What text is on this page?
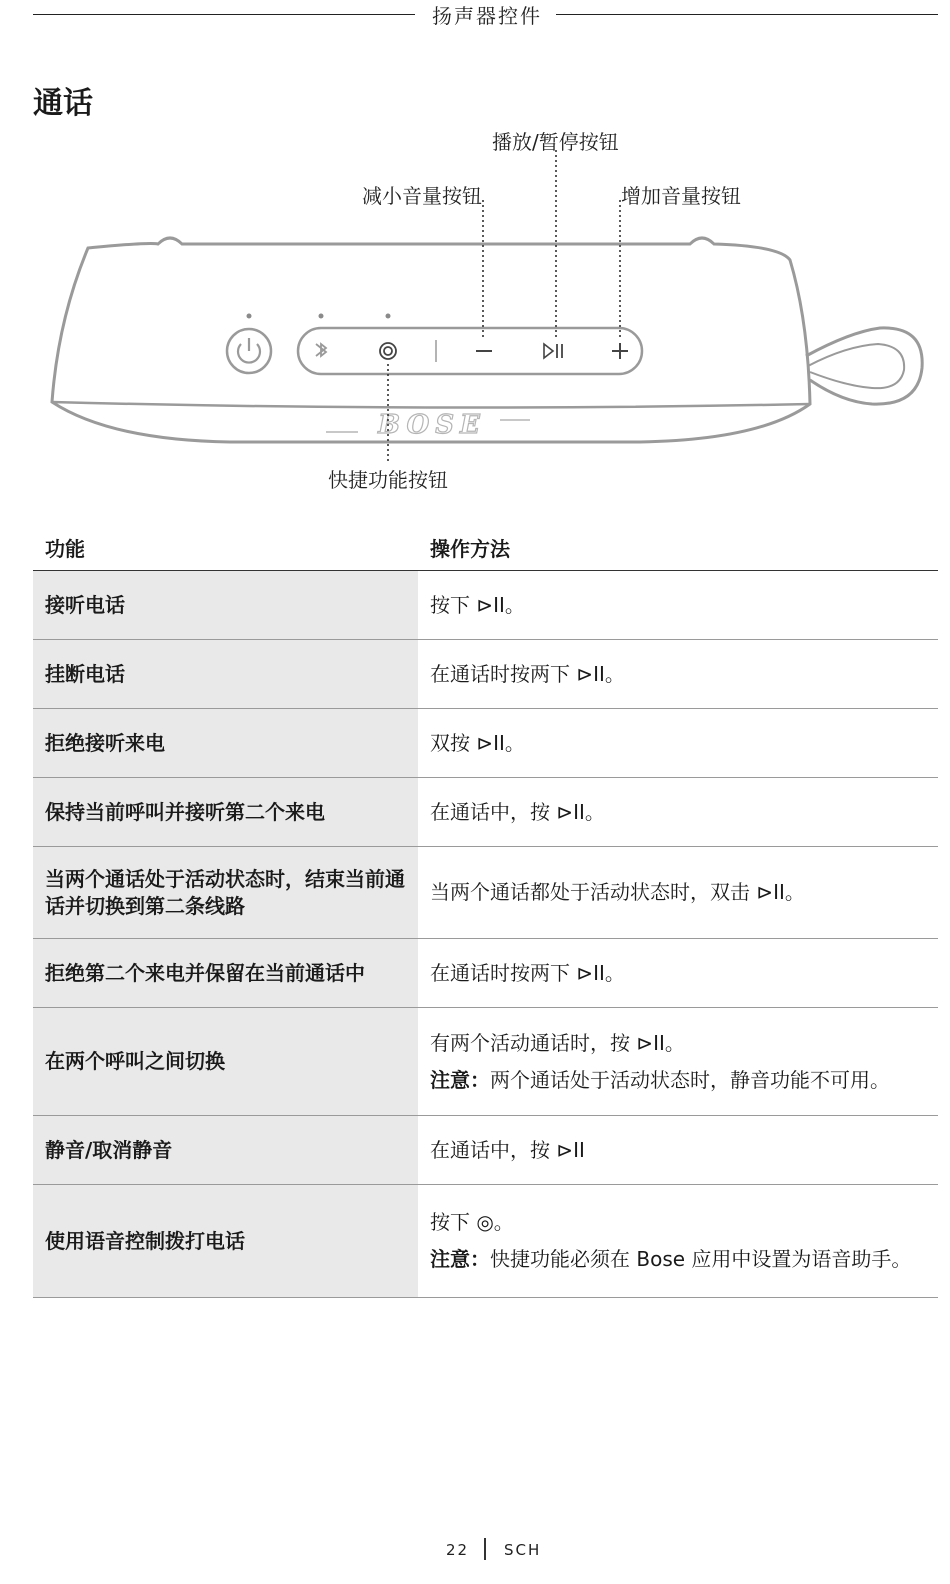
扬声器控件
通话
BOSE
播放/暂停按钮
减小音量按钮	增加音量按钮
快捷功能按钮
功能	操作方法
接听电话	按下 ⊳II。
挂断电话	在通话时按两下 ⊳II。
拒绝接听来电	双按 ⊳II。
保持当前呼叫并接听第二个来电	在通话中，按 ⊳II。
当两个通话处于活动状态时，结束当前通话并切换到第二条线路	当两个通话都处于活动状态时，双击 ⊳II。
拒绝第二个来电并保留在当前通话中	在通话时按两下 ⊳II。
在两个呼叫之间切换	有两个活动通话时，按 ⊳II。
注意：两个通话处于活动状态时，静音功能不可用。

静音/取消静音	在通话中，按 ⊳II
使用语音控制拨打电话	按下 ◎。
注意：快捷功能必须在 Bose 应用中设置为语音助手。
22 SCH
